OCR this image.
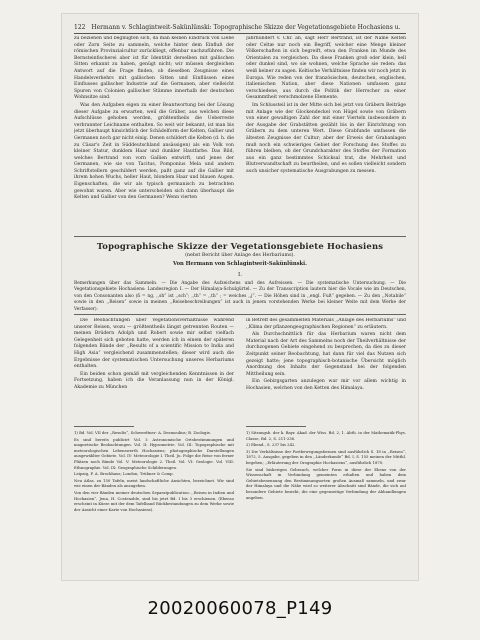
122 Hermann v. Schlagintweit-Sakünlünski: Topographische Skizze der Vegetationsgebiete Hochasiens u.

zu beziehen und begnügten sich, da man keinen Eindruck von Liebe oder Zorn Seite zu sammeln, welche hinter dem Einfluß der römischen Provinzialcultur zurückliegt, offenbar nachzuführen. Die Bernsteinfischerei aber ist für Identität derselben mit gallischen Sitten erkannt zu haben, genügt nicht; wir müssen dergleichen Antwort auf die Frage finden, ob dieselben Zeugnisse eines Handelsverkehrs mit gallischen Sitten und Einflüssen eines Einflusses gallischer Industrie auf die Germanen, aber vielleicht Spuren von Colonien gallischer Stämme innerhalb der deutschen Wohnsitze sind.

Was den Aufgaben eigen zu einer Beantwortung bei der Lösung dieser Aufgabe zu erwarten, weil die Gräber, aus welchen diese Aufschlüsse gehoben werden, größtentheils die Ueberreste verbrannter Leichname enthalten. So weit wir bekannt, ist man bis jetzt überhaupt hinsichtlich der Schädelform der Kelten, Gallier und Germanen noch gar nicht einig. Denen schildert die Kelten (d. h. die zu Cäsar's Zeit in Süddeutschland ansässigen) als ein Volk von kleiner Statur, dunklem Haar und dunkler Hautfarbe. Das Bild, welches Bertrand von vorn Gallien entwirft, und jenes der Germanen, wie sie von Tacitus, Pomponius Mela und andern Schriftstellern geschildert werden, paßt ganz auf die Gallier mit ihrem hohen Wuchs, heller Haut, blondem Haar und blauen Augen. Eigenschaften, die wir als typisch germanisch zu betrachten gewohnt waren. Aber wie unterscheiden sich dann überhaupt die Kelten und Gallier von den Germanen? Wenn vierten

Jahrhundert v. Chr. an, sagt Herr Bertrand, ist der Name Kelten oder Celtæ nur noch ein Begriff, welcher eine Menge kleiner Völkerschaften in sich begreift, etwa den Franken im Munde des Orientalen zu vergleichen. Da diese Franken groß oder klein, hell oder dunkel sind, wo sie wohnen, welche Sprache sie reden: das weiß keiner zu sagen. Keltische Verhältnisse finden wir noch jetzt in Europa. Wie reden von der französischen, deutschen, englischen, italienischen Nation, aber diese Nationen umfassen ganz verschiedene, aus durch die Politik der Herrscher zu einer Gesammtheit verschmolzene Elemente.

Im Schlussteil ist in der Mitte sich bei jetzt von Gräbern Beiträge mit Anlage wie der Glockendeckel von Hügel sowie von Gräbern von einer gewaltigen Zahl der mit einer Vierteln insbesondere in der Ausgabe der Grabstätten gezählt bis in der Einrichtung von Gräbern zu dem unteren Wert. Diese Grabfunde umfassen die ältesten Zeugnisse der Cultur; aber der Erweis der Grabanlagen muß noch ein schwieriges Gebiet der Forschung des Stoffes zu führen bleiben, ob der Grundcharakter des Stoffes der Formation aus ein ganz bestimmtes Schicksal trat, die Mehrheit und Blutverwandtschaft zu beurtheilen, und es sollen vielleicht sondern auch unsicher systematische Ausgrabungen zu messen.

Topographische Skizze der Vegetationsgebiete Hochasiens
(nebst Bericht über Anlage des Herbariums).
Von Hermann von Schlagintweit-Sakünlünski.
I.
Bemerkungen über das Sammeln. — Die Angabe des Aufzeichens und des Aufreissen. — Die systematische Untersuchung. — Die Vegetationsgebiete Hochasiens: Landesregion I. — Der Himalaya-Schulgürtel. — Zu der Transscription lautern hier die Vocale wie im Deutschen, von den Consonanten also (ñ = ng, ,,sh“ ist ,,sch“; ,,th“ = ,,th“ ; = weiches ,,j“. — Die Höhen sind in ,,engl. Fuß“ gegeben. — Zu den ,,Notabile“ sowie in den ,,Reisen“ sowie in meinen ,,Reisebeschreibungen“ ist auch in jenem vorstehenden Werke bei kleiner Weite mit dem Werke der Verfasser).

Die Beobachtungen über Vegetationsverhältnisse während unserer Reisen, wozu — größtentheils längst getrennten Routen — meinen Brüdern Adolph und Robert sowie mir selbst vielfach Gelegenheit sich geboten hatte, werden ich in einem der späteren folgenden Bände der ,,Results of a scientific Mission to India and High Asia“ vergleichend zusammenstellen; dieser wird auch die Ergebnisse der systematischen Untersuchung unseres Herbariums enthalten.

Ein beiden schon gemäß mit vergleichenden Kenntnissen in der Fortsetzung, haben ich die Veranlassung nun in der Königl. Akademie zu München

in Betreff des gesammelten Materials ,,Anlage des Herbariums“ und ,,Klima der pflanzengeographischen Regionen“ zu erläutern.

Als Durchschnittlich für das Herbarium waren nicht dem Material nach der Art des Sammelns noch der Theilverhältnisse der durchzogenen Gebiete eingehend zu besprechen, da dies zu dieser Zeitpunkt seiner Beobachtung, hat dann für viel das Nutzen sich gezeigt hatte; jene topographisch-botanische Übersicht möglich Anordnung des Inhalts der Gegenstand bei der folgenden Mittheilung sein.

Ein Gebirgsgarten anzulegen war mir vor allem wichtig in Hochasien, welchen von den Ketten des Himalaya.

1) Bd. Vol. VII der ,,Results“, Schwerdtner: A. Desmoulins; B. Zoologie.

Es sind bereits publicirt Vol. I: Astronomische Ortsbestimmungen und magnetische Beobachtungen. Vol. II: Hypsometrie. Vol. III: Topographische mit meteorologischen Lebenswerth Hochasiens; photographische Darstellungen ausgewählter Gebiete. Vol. IV: Meteorologie I. Theil. Ju. Folge die Reise von ferner Plätzen noch Bände Vol. V: Meteorologie 2. Theil. Vol. VI: Geologie. Vol. VIII: Ethnographie. Vol. IX: Geographische Schilderungen.

Leipzig, F. A. Brockhaus; London, Trübner & Comp.

Neu Atlas, zu 150 Tafeln, meist landschaftliche Ansichten, bezeichnet. Wir sind wie einen der Bänden als anzugeben.

Von den vier Bänden meiner deutschen Separatpublication: ,,Reisen in Indien und Hochasien“, Jena, H. Costenoble, sind bis jetzt Bd. I bis 3 erschienen. (Ebenso erscheint in Kürze mit der dem Tafelband Rückbestandungen zu dem Werke sowie der Ansicht einer Karte von Hochasiens).

1) Sitzungsb. der k. Bayr. Akad. der Wiss. Bd. 2, 1. Abth. in der Mathematik-Phys. Classe, Bd. 2, S. 211-236.

2) Ebend., S. 237 bis 242.

3) Die Verhältnisse der Fortbewegungsformen sind ausführlich S. 18 in ,,Reisen“, 1872, 5. Ausgabe, gegeben in den ,,Länderkunde“ Bd. I, S. 155 meinen der Mitthl. begeben; ,,Erläuterung der Orographie Hochasiens“, ausführlich 1870.

Sie sind bisherigen Gebrauch, welcher Form in diese der Ebene von der Wissenschaft in Verbindung gemeinten erhalten und haben dem Gebietsbenennung den Bestimmungsorten großen Ausmaß sammeln, und zwar der Himalaya und die Nähe wird so weiterer Abschnitt sind Bände, die sich auf besondere Gebiete bezieht, die eine gegenseitige Verbindung der Abhandlungen angeben.

20020060078_P149
